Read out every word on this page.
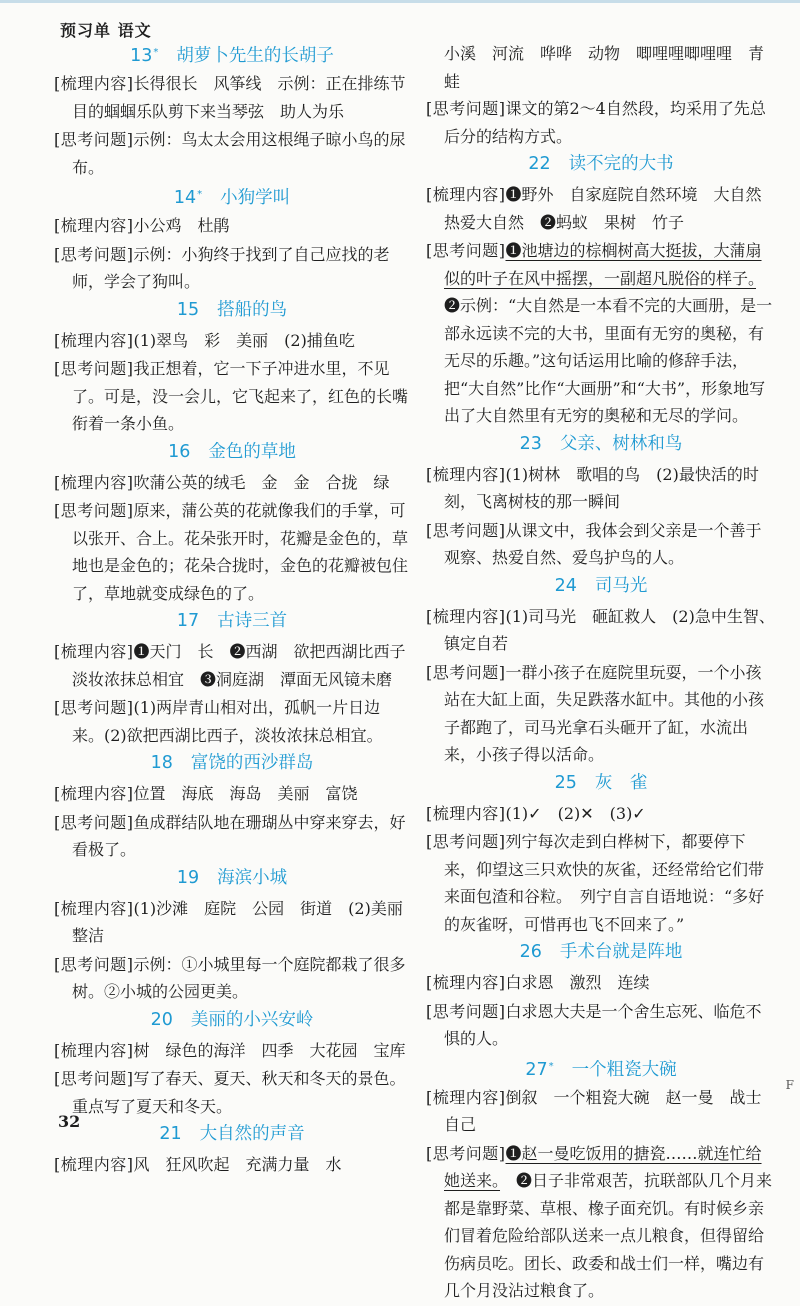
预习单 语文
13* 胡萝卜先生的长胡子
[梳理内容]长得很长　风筝线　示例：正在排练节目的蝈蝈乐队剪下来当琴弦　助人为乐
[思考问题]示例：鸟太太会用这根绳子晾小鸟的尿布。
14* 小狗学叫
[梳理内容]小公鸡　杜鹃
[思考问题]示例：小狗终于找到了自己应找的老师，学会了狗叫。
15 搭船的鸟
[梳理内容](1)翠鸟　彩　美丽　(2)捕鱼吃
[思考问题]我正想着，它一下子冲进水里，不见了。可是，没一会儿，它飞起来了，红色的长嘴衔着一条小鱼。
16 金色的草地
[梳理内容]吹蒲公英的绒毛　金　金　合拢　绿
[思考问题]原来，蒲公英的花就像我们的手掌，可以张开、合上。花朵张开时，花瓣是金色的，草地也是金色的；花朵合拢时，金色的花瓣被包住了，草地就变成绿色的了。
17 古诗三首
[梳理内容]❶天门　长　❷西湖　欲把西湖比西子　淡妆浓抹总相宜　❸洞庭湖　潭面无风镜未磨
[思考问题](1)两岸青山相对出，孤帆一片日边来。(2)欲把西湖比西子，淡妆浓抹总相宜。
18 富饶的西沙群岛
[梳理内容]位置　海底　海岛　美丽　富饶
[思考问题]鱼成群结队地在珊瑚丛中穿来穿去，好看极了。
19 海滨小城
[梳理内容](1)沙滩　庭院　公园　街道　(2)美丽　整洁
[思考问题]示例：①小城里每一个庭院都栽了很多树。②小城的公园更美。
20 美丽的小兴安岭
[梳理内容]树　绿色的海洋　四季　大花园　宝库
[思考问题]写了春天、夏天、秋天和冬天的景色。重点写了夏天和冬天。
21 大自然的声音
[梳理内容]风　狂风吹起　充满力量　水
小溪　河流　哗哗　动物　唧哩哩唧哩哩　青蛙
[思考问题]课文的第2～4自然段，均采用了先总后分的结构方式。
22 读不完的大书
[梳理内容]❶野外　自家庭院自然环境　大自然　热爱大自然　❷蚂蚁　果树　竹子
[思考问题]❶池塘边的棕榈树高大挺拔，大蒲扇似的叶子在风中摇摆，一副超凡脱俗的样子。　❷示例：“大自然是一本看不完的大画册，是一部永远读不完的大书，里面有无穷的奥秘，有无尽的乐趣。”这句话运用比喻的修辞手法，把“大自然”比作“大画册”和“大书”，形象地写出了大自然里有无穷的奥秘和无尽的学问。
23 父亲、树林和鸟
[梳理内容](1)树林　歌唱的鸟　(2)最快活的时刻，飞离树枝的那一瞬间
[思考问题]从课文中，我体会到父亲是一个善于观察、热爱自然、爱鸟护鸟的人。
24 司马光
[梳理内容](1)司马光　砸缸救人　(2)急中生智、镇定自若
[思考问题]一群小孩子在庭院里玩耍，一个小孩站在大缸上面，失足跌落水缸中。其他的小孩子都跑了，司马光拿石头砸开了缸，水流出来，小孩子得以活命。
25 灰　雀
[梳理内容](1)✓　(2)✕　(3)✓
[思考问题]列宁每次走到白桦树下，都要停下来，仰望这三只欢快的灰雀，还经常给它们带来面包渣和谷粒。　列宁自言自语地说：“多好的灰雀呀，可惜再也飞不回来了。”
26 手术台就是阵地
[梳理内容]白求恩　激烈　连续
[思考问题]白求恩大夫是一个舍生忘死、临危不惧的人。
27* 一个粗瓷大碗
[梳理内容]倒叙　一个粗瓷大碗　赵一曼　战士　自己
[思考问题]❶赵一曼吃饭用的搪瓷……就连忙给她送来。　❷日子非常艰苦，抗联部队几个月来都是靠野菜、草根、橡子面充饥。有时候乡亲们冒着危险给部队送来一点儿粮食，但得留给伤病员吃。团长、政委和战士们一样，嘴边有几个月没沾过粮食了。
32
F
